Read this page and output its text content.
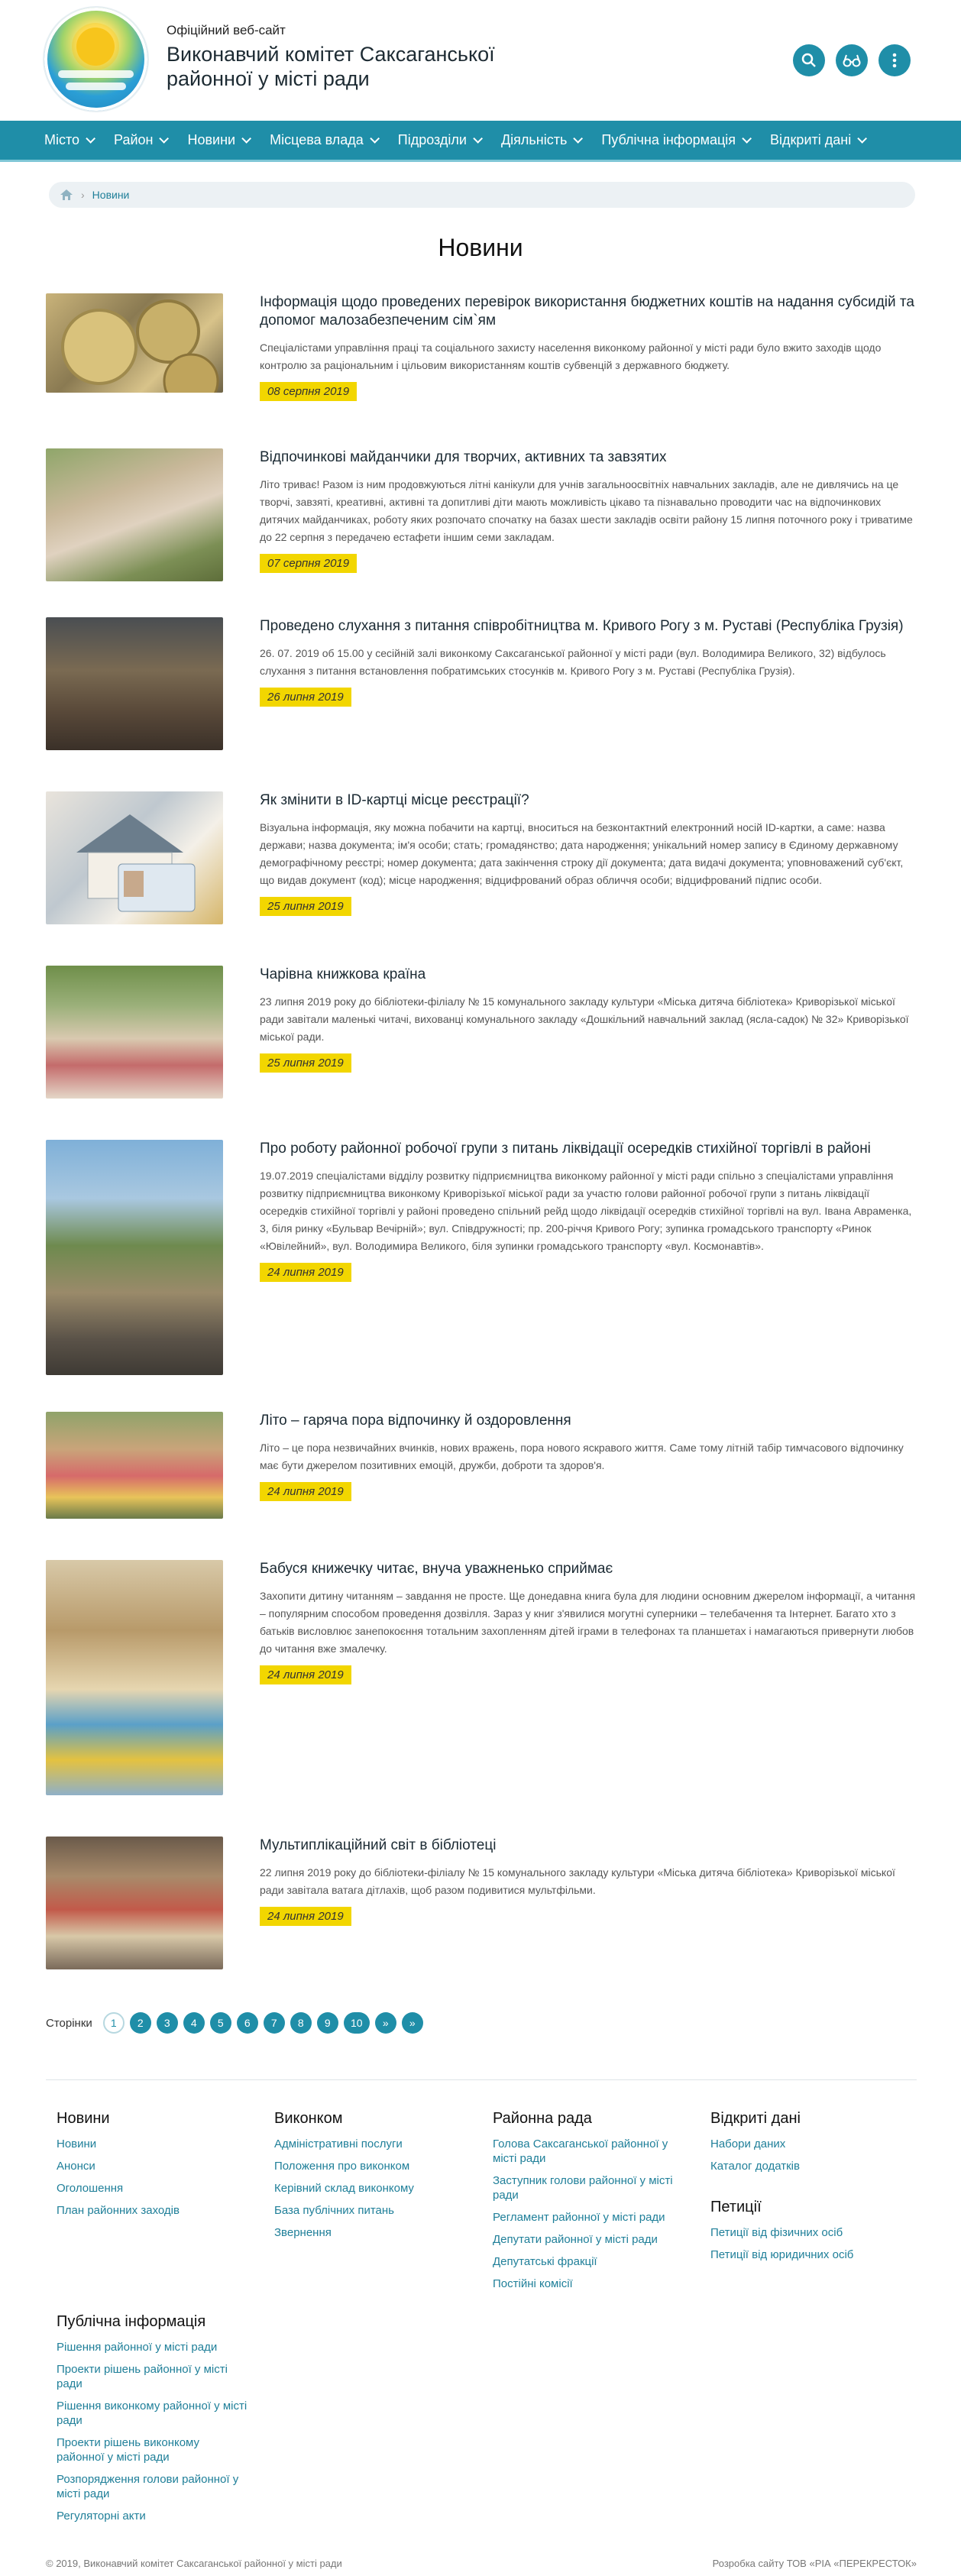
Офіційний веб-сайт
Виконавчий комітет Саксаганської районної у місті ради
Місто	Район	Новини	Місцева влада	Підрозділи	Діяльність	Публічна інформація	Відкриті дані
› Новини
Новини
Інформація щодо проведених перевірок використання бюджетних коштів на надання субсидій та допомог малозабезпеченим сім`ям
Спеціалістами управління праці та соціального захисту населення виконкому районної у місті ради було вжито заходів щодо контролю за раціональним і цільовим використанням коштів субвенцій з державного бюджету.
08 серпня 2019
Відпочинкові майданчики для творчих, активних та завзятих
Літо триває! Разом із ним продовжуються літні канікули для учнів загальноосвітніх навчальних закладів, але не дивлячись на це творчі, завзяті, креативні, активні та допитливі діти мають можливість цікаво та пізнавально проводити час на відпочинкових дитячих майданчиках, роботу яких розпочато спочатку на базах шести закладів освіти району 15 липня поточного року і триватиме до 22 серпня з передачею естафети іншим семи закладам.
07 серпня 2019
Проведено слухання з питання співробітництва м. Кривого Рогу з м. Руставі (Республіка Грузія)
26. 07. 2019 об 15.00 у сесійній залі виконкому Саксаганської районної у місті ради (вул. Володимира Великого, 32) відбулось слухання з питання встановлення побратимських стосунків м. Кривого Рогу з м. Руставі (Республіка Грузія).
26 липня 2019
Як змінити в ID-картці місце реєстрації?
Візуальна інформація, яку можна побачити на картці, вноситься на безконтактний електронний носій ID-картки, а саме: назва держави; назва документа; ім'я особи; стать; громадянство; дата народження; унікальний номер запису в Єдиному державному демографічному реєстрі; номер документа; дата закінчення строку дії документа; дата видачі документа; уповноважений суб'єкт, що видав документ (код); місце народження; відцифрований образ обличчя особи; відцифрований підпис особи.
25 липня 2019
Чарівна книжкова країна
23 липня 2019 року до бібліотеки-філіалу № 15 комунального закладу культури «Міська дитяча бібліотека» Криворізької міської ради завітали маленькі читачі, вихованці комунального закладу «Дошкільний навчальний заклад (ясла-садок) № 32» Криворізької міської ради.
25 липня 2019
Про роботу районної робочої групи з питань ліквідації осередків стихійної торгівлі в районі
19.07.2019 спеціалістами відділу розвитку підприємництва виконкому районної у місті ради спільно з спеціалістами управління розвитку підприємництва виконкому Криворізької міської ради за участю голови районної робочої групи з питань ліквідації осередків стихійної торгівлі у районі проведено спільний рейд щодо ліквідації осередків стихійної торгівлі на вул. Івана Авраменка, 3, біля ринку «Бульвар Вечірній»; вул. Співдружності; пр. 200-річчя Кривого Рогу; зупинка громадського транспорту «Ринок «Ювілейний», вул. Володимира Великого, біля зупинки громадського транспорту «вул. Космонавтів».
24 липня 2019
Літо – гаряча пора відпочинку й оздоровлення
Літо – це пора незвичайних вчинків, нових вражень, пора нового яскравого життя. Саме тому літній табір тимчасового відпочинку має бути джерелом позитивних емоцій, дружби, доброти та здоров'я.
24 липня 2019
Бабуся книжечку читає, внуча уважненько сприймає
Захопити дитину читанням – завдання не просте. Ще донедавна книга була для людини основним джерелом інформації, а читання – популярним способом проведення дозвілля. Зараз у книг з'явилися могутні суперники – телебачення та Інтернет. Багато хто з батьків висловлює занепокоєння тотальним захопленням дітей іграми в телефонах та планшетах і намагаються привернути любов до читання вже змалечку.
24 липня 2019
Мультиплікаційний світ в бібліотеці
22 липня 2019 року до бібліотеки-філіалу № 15 комунального закладу культури «Міська дитяча бібліотека» Криворізької міської ради завітала ватага дітлахів, щоб разом подивитися мультфільми.
24 липня 2019
Сторінки	1	2	3	4	5	6	7	8	9	10	»	»
Новини
Новини
Анонси
Оголошення
План районних заходів
Виконком
Адміністративні послуги
Положення про виконком
Керівний склад виконкому
База публічних питань
Звернення
Районна рада
Голова Саксаганської районної у місті ради
Заступник голови районної у місті ради
Регламент районної у місті ради
Депутати районної у місті ради
Депутатські фракції
Постійні комісії
Відкриті дані
Набори даних
Каталог додатків
Петиції
Петиції від фізичних осіб
Петиції від юридичних осіб
Публічна інформація
Рішення районної у місті ради
Проекти рішень районної у місті ради
Рішення виконкому районної у місті ради
Проекти рішень виконкому районної у місті ради
Розпорядження голови районної у місті ради
Регуляторні акти
© 2019, Виконавчий комітет Саксаганської районної у місті ради	Розробка сайту ТОВ «РІА «ПЕРЕКРЕСТОК»
